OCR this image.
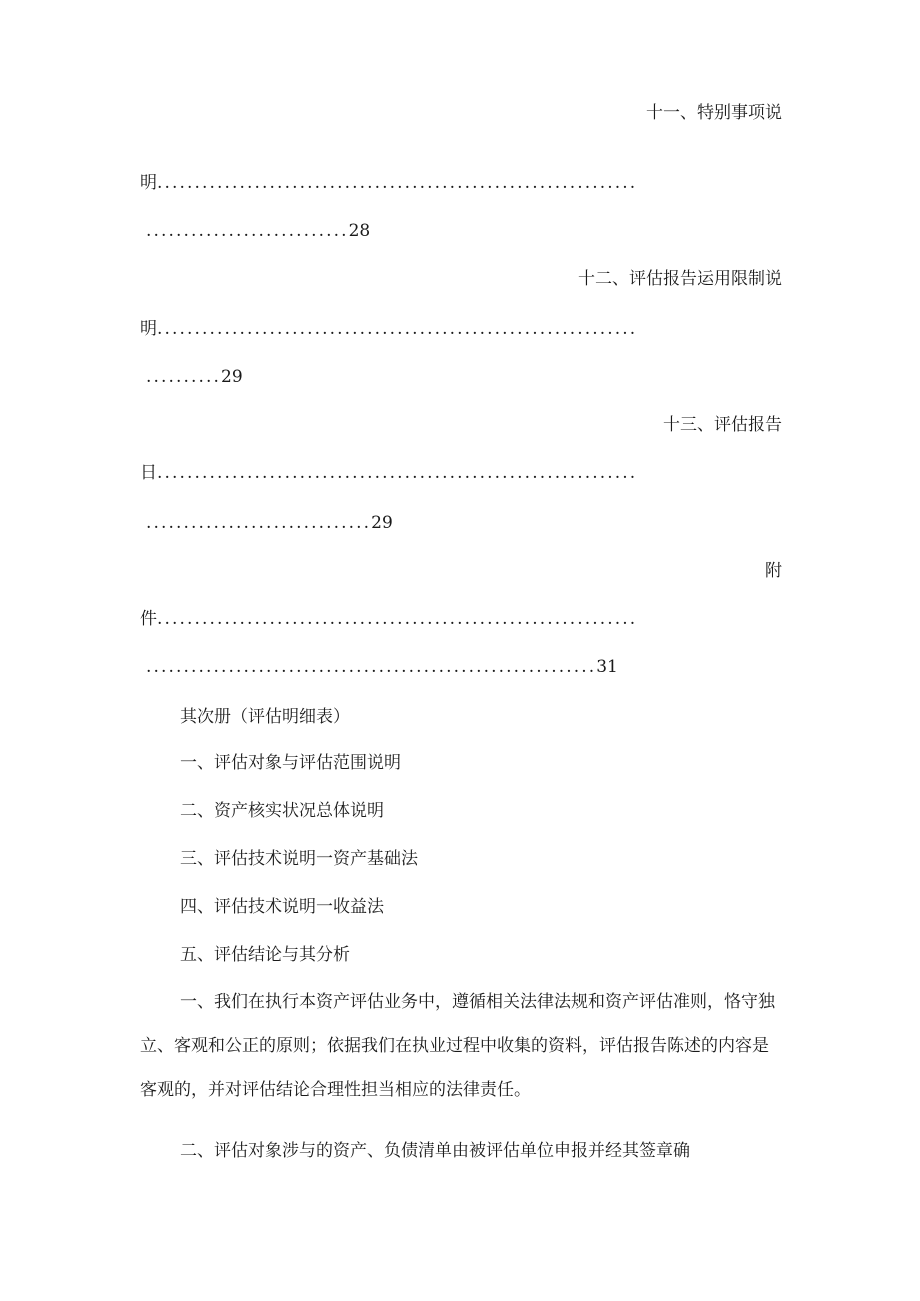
十一、特别事项说
明................................................................
...........................28
十二、评估报告运用限制说
明................................................................
..........29
十三、评估报告
日................................................................
..............................29
附
件................................................................
............................................................31
其次册（评估明细表）
一、评估对象与评估范围说明
二、资产核实状况总体说明
三、评估技术说明一资产基础法
四、评估技术说明一收益法
五、评估结论与其分析
一、我们在执行本资产评估业务中，遵循相关法律法规和资产评估准则，恪守独立、客观和公正的原则；依据我们在执业过程中收集的资料，评估报告陈述的内容是客观的，并对评估结论合理性担当相应的法律责任。
二、评估对象涉与的资产、负债清单由被评估单位申报并经其签章确
